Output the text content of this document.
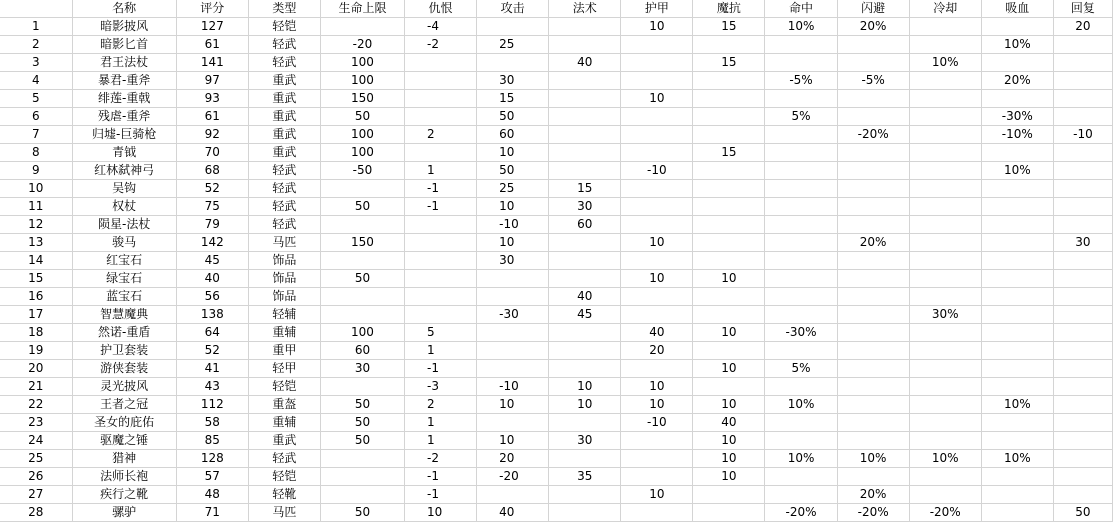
	名称	评分	类型	生命上限	仇恨	攻击	法术	护甲	魔抗	命中	闪避	冷却	吸血	回复
1	暗影披风	127	轻铠		-4			10	15	10%	20%			20
2	暗影匕首	61	轻武	-20	-2	25							10%	
3	君王法杖	141	轻武	100			40		15			10%		
4	暴君-重斧	97	重武	100		30				-5%	-5%		20%	
5	绯莲-重戟	93	重武	150		15		10						
6	残虐-重斧	61	重武	50		50				5%			-30%	
7	归墟-巨骑枪	92	重武	100	2	60					-20%		-10%	-10
8	青钺	70	重武	100		10			15					
9	红林弑神弓	68	轻武	-50	1	50		-10					10%	
10	吴钩	52	轻武		-1	25	15							
11	权杖	75	轻武	50	-1	10	30							
12	陨星-法杖	79	轻武			-10	60							
13	骏马	142	马匹	150		10		10			20%			30
14	红宝石	45	饰品			30								
15	绿宝石	40	饰品	50				10	10					
16	蓝宝石	56	饰品				40							
17	智慧魔典	138	轻辅			-30	45					30%		
18	然诺-重盾	64	重辅	100	5			40	10	-30%				
19	护卫套装	52	重甲	60	1			20						
20	游侠套装	41	轻甲	30	-1				10	5%				
21	灵光披风	43	轻铠		-3	-10	10	10						
22	王者之冠	112	重盔	50	2	10	10	10	10	10%			10%	
23	圣女的庇佑	58	重辅	50	1			-10	40					
24	驱魔之锤	85	重武	50	1	10	30		10					
25	猎神	128	轻武		-2	20			10	10%	10%	10%	10%	
26	法师长袍	57	轻铠		-1	-20	35		10					
27	疾行之靴	48	轻靴		-1			10			20%			
28	骡驴	71	马匹	50	10	40				-20%	-20%	-20%		50
